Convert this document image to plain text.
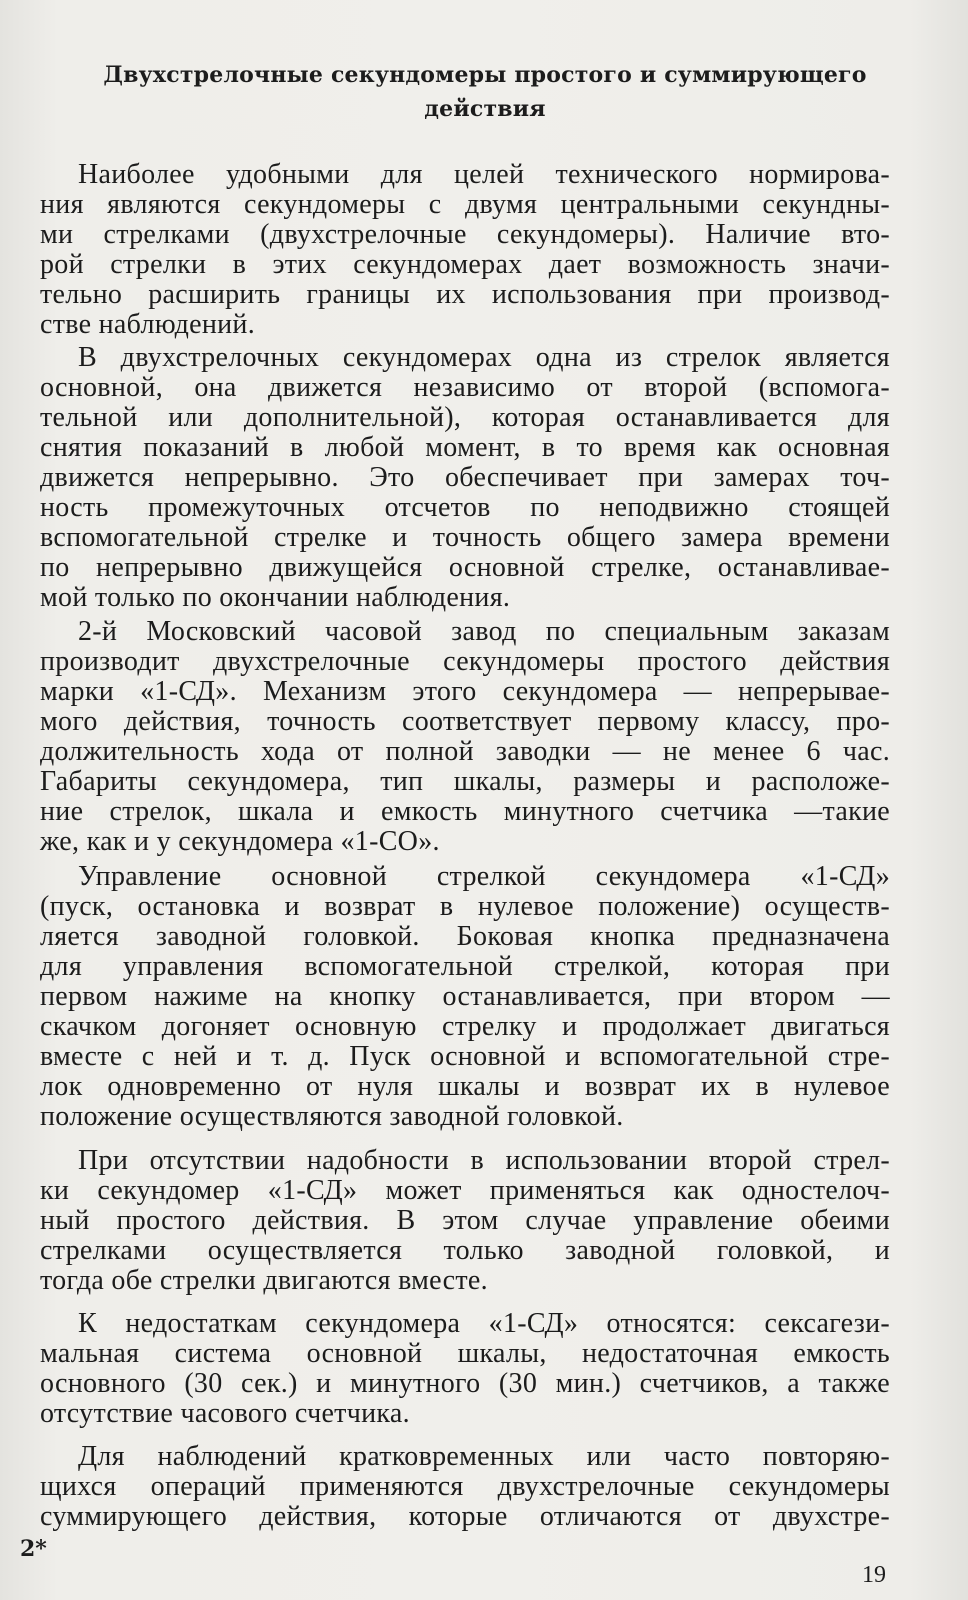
Двухстрелочные секундомеры простого и суммирующего
действия
Наиболее удобными для целей технического нормирова-
ния являются секундомеры с двумя центральными секундны-
ми стрелками (двухстрелочные секундомеры). Наличие вто-
рой стрелки в этих секундомерах дает возможность значи-
тельно расширить границы их использования при производ-
стве наблюдений.
В двухстрелочных секундомерах одна из стрелок является
основной, она движется независимо от второй (вспомога-
тельной или дополнительной), которая останавливается для
снятия показаний в любой момент, в то время как основная
движется непрерывно. Это обеспечивает при замерах точ-
ность промежуточных отсчетов по неподвижно стоящей
вспомогательной стрелке и точность общего замера времени
по непрерывно движущейся основной стрелке, останавливае-
мой только по окончании наблюдения.
2-й Московский часовой завод по специальным заказам
производит двухстрелочные секундомеры простого действия
марки «1-СД». Механизм этого секундомера — непрерывае-
мого действия, точность соответствует первому классу, про-
должительность хода от полной заводки — не менее 6 час.
Габариты секундомера, тип шкалы, размеры и расположе-
ние стрелок, шкала и емкость минутного счетчика —такие
же, как и у секундомера «1-СО».
Управление основной стрелкой секундомера «1-СД»
(пуск, остановка и возврат в нулевое положение) осуществ-
ляется заводной головкой. Боковая кнопка предназначена
для управления вспомогательной стрелкой, которая при
первом нажиме на кнопку останавливается, при втором —
скачком догоняет основную стрелку и продолжает двигаться
вместе с ней и т. д. Пуск основной и вспомогательной стре-
лок одновременно от нуля шкалы и возврат их в нулевое
положение осуществляются заводной головкой.
При отсутствии надобности в использовании второй стрел-
ки секундомер «1-СД» может применяться как одностелоч-
ный простого действия. В этом случае управление обеими
стрелками осуществляется только заводной головкой, и
тогда обе стрелки двигаются вместе.
К недостаткам секундомера «1-СД» относятся: сексагези-
мальная система основной шкалы, недостаточная емкость
основного (30 сек.) и минутного (30 мин.) счетчиков, а также
отсутствие часового счетчика.
Для наблюдений кратковременных или часто повторяю-
щихся операций применяются двухстрелочные секундомеры
суммирующего действия, которые отличаются от двухстре-
2*
19
